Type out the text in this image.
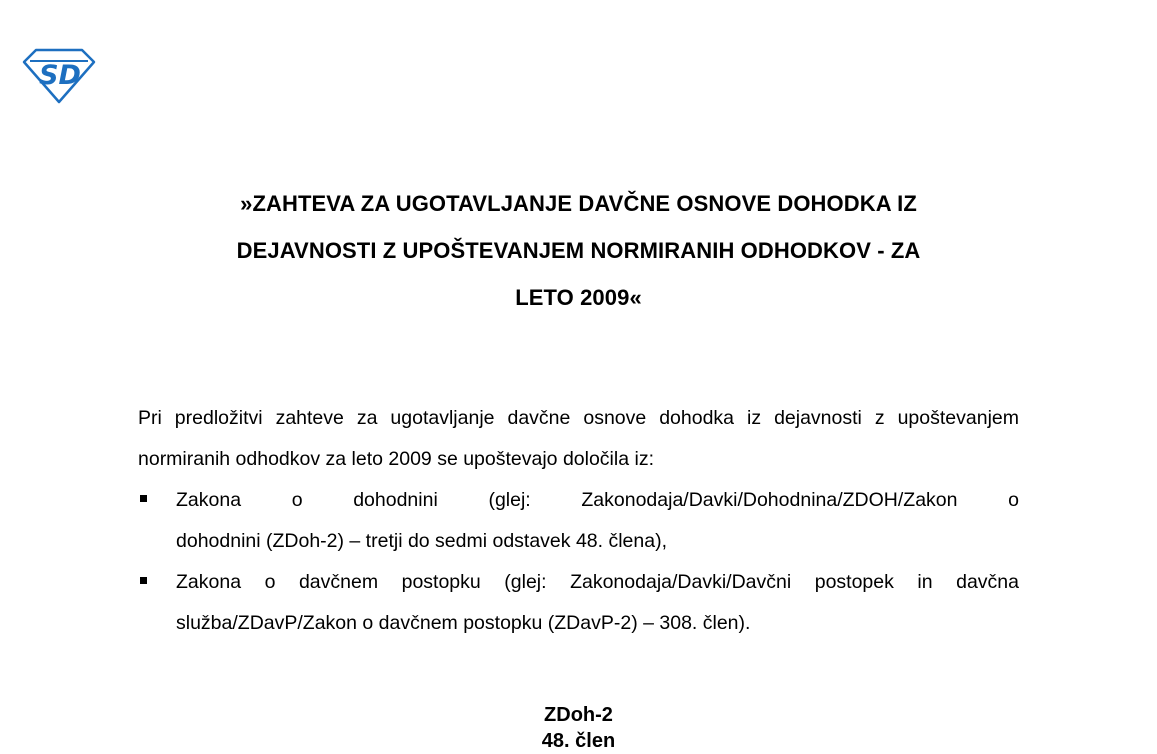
SD
»ZAHTEVA ZA UGOTAVLJANJE DAVČNE OSNOVE DOHODKA IZ
DEJAVNOSTI Z UPOŠTEVANJEM NORMIRANIH ODHODKOV - ZA
LETO 2009«

Pri predložitvi zahteve za ugotavljanje davčne osnove dohodka iz dejavnosti z upoštevanjem normiranih odhodkov za leto 2009 se upoštevajo določila iz:

Zakona o dohodnini (glej: Zakonodaja/Davki/Dohodnina/ZDOH/Zakon o
dohodnini (ZDoh-2) – tretji do sedmi odstavek 48. člena),
Zakona o davčnem postopku (glej: Zakonodaja/Davki/Davčni postopek in davčna
služba/ZDavP/Zakon o davčnem postopku (ZDavP-2) – 308. člen).
ZDoh-2
48. člen
